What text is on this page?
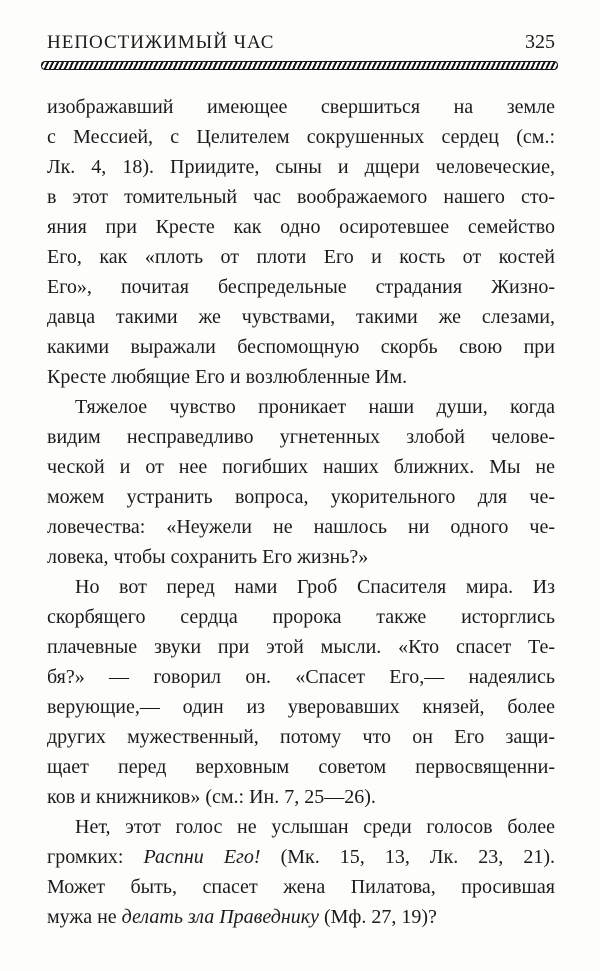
НЕПОСТИЖИМЫЙ ЧАС	325
изображавший имеющее свершиться на земле
с Мессией, с Целителем сокрушенных сердец (см.:
Лк. 4, 18). Приидите, сыны и дщери человеческие,
в этот томительный час воображаемого нашего сто-
яния при Кресте как одно осиротевшее семейство
Его, как «плоть от плоти Его и кость от костей
Его», почитая беспредельные страдания Жизно-
давца такими же чувствами, такими же слезами,
какими выражали беспомощную скорбь свою при
Кресте любящие Его и возлюбленные Им.
Тяжелое чувство проникает наши души, когда
видим несправедливо угнетенных злобой челове-
ческой и от нее погибших наших ближних. Мы не
можем устранить вопроса, укорительного для че-
ловечества: «Неужели не нашлось ни одного че-
ловека, чтобы сохранить Его жизнь?»
Но вот перед нами Гроб Спасителя мира. Из
скорбящего сердца пророка также исторглись
плачевные звуки при этой мысли. «Кто спасет Те-
бя?» — говорил он. «Спасет Его,— надеялись
верующие,— один из уверовавших князей, более
других мужественный, потому что он Его защи-
щает перед верховным советом первосвященни-
ков и книжников» (см.: Ин. 7, 25—26).
Нет, этот голос не услышан среди голосов более
громких: Распни Его! (Мк. 15, 13, Лк. 23, 21).
Может быть, спасет жена Пилатова, просившая
мужа не делать зла Праведнику (Мф. 27, 19)?
